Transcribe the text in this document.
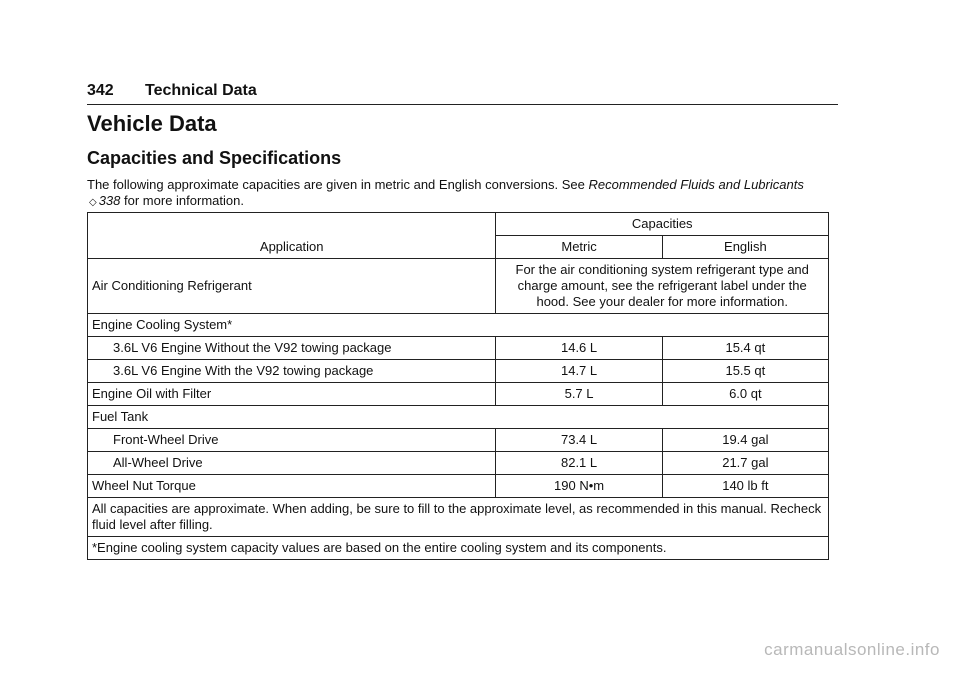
342 Technical Data
Vehicle Data
Capacities and Specifications

The following approximate capacities are given in metric and English conversions. See Recommended Fluids and Lubricants ◇ 338 for more information.

Application	Capacities	
	Metric	English
Air Conditioning Refrigerant	For the air conditioning system refrigerant type and charge amount, see the refrigerant label under the hood. See your dealer for more information.	
Engine Cooling System*		
3.6L V6 Engine Without the V92 towing package	14.6 L	15.4 qt
3.6L V6 Engine With the V92 towing package	14.7 L	15.5 qt
Engine Oil with Filter	5.7 L	6.0 qt
Fuel Tank		
Front-Wheel Drive	73.4 L	19.4 gal
All-Wheel Drive	82.1 L	21.7 gal
Wheel Nut Torque	190 N•m	140 lb ft
All capacities are approximate. When adding, be sure to fill to the approximate level, as recommended in this manual. Recheck fluid level after filling.		
*Engine cooling system capacity values are based on the entire cooling system and its components.		
carmanualsonline.info
